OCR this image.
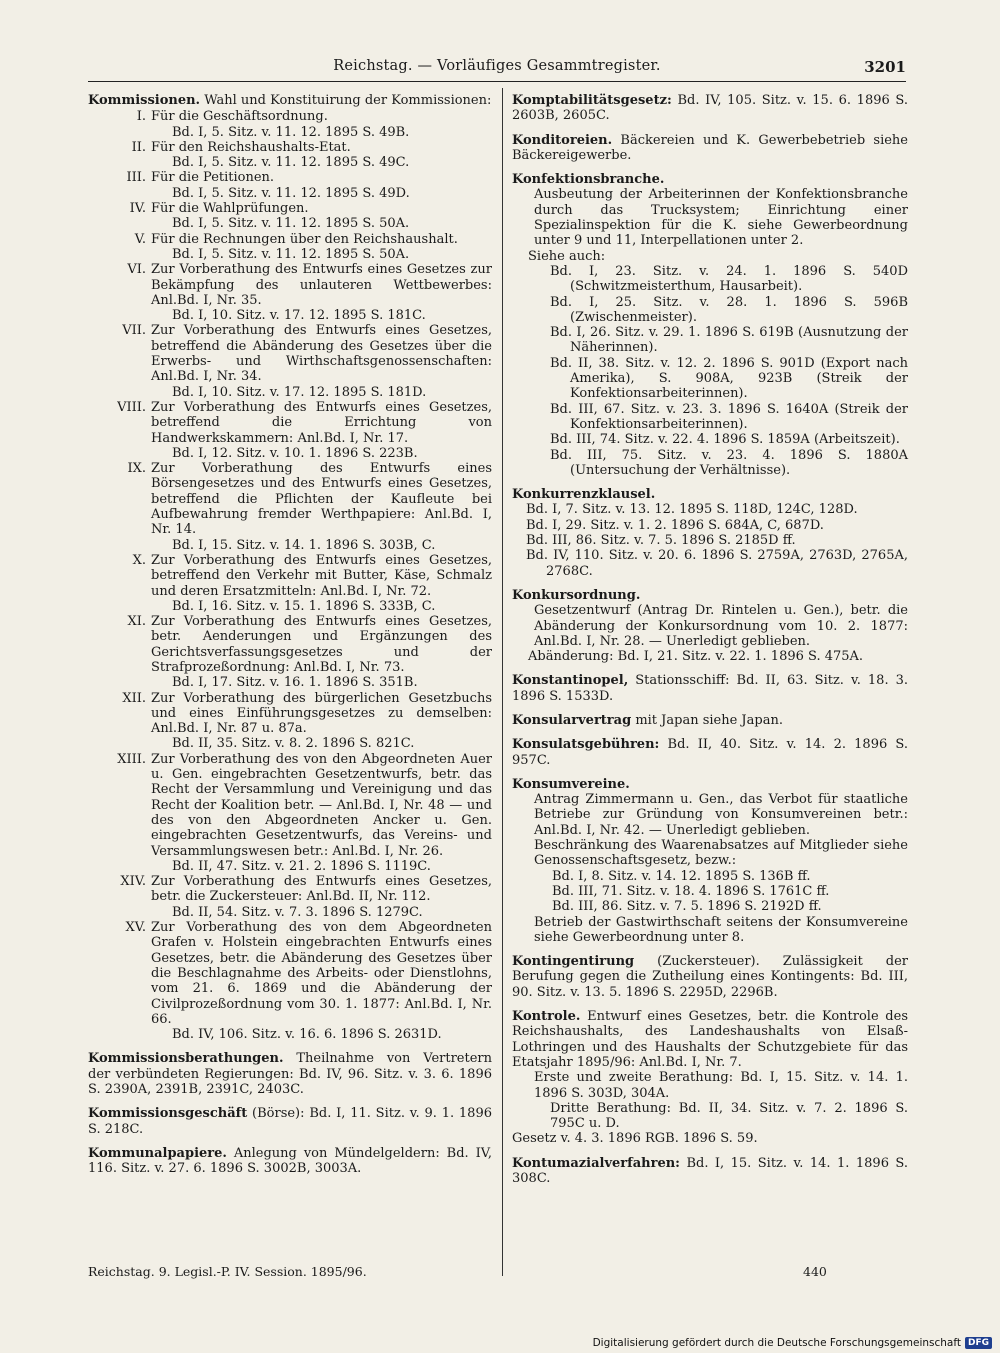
Reichstag. — Vorläufiges Gesammtregister.	3201
Kommissionen. Wahl und Konstituirung der Kommissionen:
I. Für die Geschäftsordnung.
Bd. I, 5. Sitz. v. 11. 12. 1895 S. 49B.
II. Für den Reichshaushalts-Etat.
Bd. I, 5. Sitz. v. 11. 12. 1895 S. 49C.
III. Für die Petitionen.
Bd. I, 5. Sitz. v. 11. 12. 1895 S. 49D.
IV. Für die Wahlprüfungen.
Bd. I, 5. Sitz. v. 11. 12. 1895 S. 50A.
V. Für die Rechnungen über den Reichshaushalt.
Bd. I, 5. Sitz. v. 11. 12. 1895 S. 50A.
VI. Zur Vorberathung des Entwurfs eines Gesetzes zur Bekämpfung des unlauteren Wettbewerbes: Anl.Bd. I, Nr. 35.
Bd. I, 10. Sitz. v. 17. 12. 1895 S. 181C.
VII. Zur Vorberathung des Entwurfs eines Gesetzes, betreffend die Abänderung des Gesetzes über die Erwerbs- und Wirthschaftsgenossenschaften: Anl.Bd. I, Nr. 34.
Bd. I, 10. Sitz. v. 17. 12. 1895 S. 181D.
VIII. Zur Vorberathung des Entwurfs eines Gesetzes, betreffend die Errichtung von Handwerkskammern: Anl.Bd. I, Nr. 17.
Bd. I, 12. Sitz. v. 10. 1. 1896 S. 223B.
IX. Zur Vorberathung des Entwurfs eines Börsengesetzes und des Entwurfs eines Gesetzes, betreffend die Pflichten der Kaufleute bei Aufbewahrung fremder Werthpapiere: Anl.Bd. I, Nr. 14.
Bd. I, 15. Sitz. v. 14. 1. 1896 S. 303B, C.
X. Zur Vorberathung des Entwurfs eines Gesetzes, betreffend den Verkehr mit Butter, Käse, Schmalz und deren Ersatzmitteln: Anl.Bd. I, Nr. 72.
Bd. I, 16. Sitz. v. 15. 1. 1896 S. 333B, C.
XI. Zur Vorberathung des Entwurfs eines Gesetzes, betr. Aenderungen und Ergänzungen des Gerichtsverfassungsgesetzes und der Strafprozeßordnung: Anl.Bd. I, Nr. 73.
Bd. I, 17. Sitz. v. 16. 1. 1896 S. 351B.
XII. Zur Vorberathung des bürgerlichen Gesetzbuchs und eines Einführungsgesetzes zu demselben: Anl.Bd. I, Nr. 87 u. 87a.
Bd. II, 35. Sitz. v. 8. 2. 1896 S. 821C.
XIII. Zur Vorberathung des von den Abgeordneten Auer u. Gen. eingebrachten Gesetzentwurfs, betr. das Recht der Versammlung und Vereinigung und das Recht der Koalition betr. — Anl.Bd. I, Nr. 48 — und des von den Abgeordneten Ancker u. Gen. eingebrachten Gesetzentwurfs, das Vereins- und Versammlungswesen betr.: Anl.Bd. I, Nr. 26.
Bd. II, 47. Sitz. v. 21. 2. 1896 S. 1119C.
XIV. Zur Vorberathung des Entwurfs eines Gesetzes, betr. die Zuckersteuer: Anl.Bd. II, Nr. 112.
Bd. II, 54. Sitz. v. 7. 3. 1896 S. 1279C.
XV. Zur Vorberathung des von dem Abgeordneten Grafen v. Holstein eingebrachten Entwurfs eines Gesetzes, betr. die Abänderung des Gesetzes über die Beschlagnahme des Arbeits- oder Dienstlohns, vom 21. 6. 1869 und die Abänderung der Civilprozeßordnung vom 30. 1. 1877: Anl.Bd. I, Nr. 66.
Bd. IV, 106. Sitz. v. 16. 6. 1896 S. 2631D.
Kommissionsberathungen. Theilnahme von Vertretern der verbündeten Regierungen: Bd. IV, 96. Sitz. v. 3. 6. 1896 S. 2390A, 2391B, 2391C, 2403C.
Kommissionsgeschäft (Börse): Bd. I, 11. Sitz. v. 9. 1. 1896 S. 218C.
Kommunalpapiere. Anlegung von Mündelgeldern: Bd. IV, 116. Sitz. v. 27. 6. 1896 S. 3002B, 3003A.
Komptabilitätsgesetz: Bd. IV, 105. Sitz. v. 15. 6. 1896 S. 2603B, 2605C.
Konditoreien. Bäckereien und K. Gewerbebetrieb siehe Bäckereigewerbe.
Konfektionsbranche.
Ausbeutung der Arbeiterinnen der Konfektionsbranche durch das Trucksystem; Einrichtung einer Spezialinspektion für die K. siehe Gewerbeordnung unter 9 und 11, Interpellationen unter 2.
Siehe auch:
Bd. I, 23. Sitz. v. 24. 1. 1896 S. 540D (Schwitzmeisterthum, Hausarbeit).
Bd. I, 25. Sitz. v. 28. 1. 1896 S. 596B (Zwischenmeister).
Bd. I, 26. Sitz. v. 29. 1. 1896 S. 619B (Ausnutzung der Näherinnen).
Bd. II, 38. Sitz. v. 12. 2. 1896 S. 901D (Export nach Amerika), S. 908A, 923B (Streik der Konfektionsarbeiterinnen).
Bd. III, 67. Sitz. v. 23. 3. 1896 S. 1640A (Streik der Konfektionsarbeiterinnen).
Bd. III, 74. Sitz. v. 22. 4. 1896 S. 1859A (Arbeitszeit).
Bd. III, 75. Sitz. v. 23. 4. 1896 S. 1880A (Untersuchung der Verhältnisse).
Konkurrenzklausel.
Bd. I, 7. Sitz. v. 13. 12. 1895 S. 118D, 124C, 128D.
Bd. I, 29. Sitz. v. 1. 2. 1896 S. 684A, C, 687D.
Bd. III, 86. Sitz. v. 7. 5. 1896 S. 2185D ff.
Bd. IV, 110. Sitz. v. 20. 6. 1896 S. 2759A, 2763D, 2765A, 2768C.
Konkursordnung.
Gesetzentwurf (Antrag Dr. Rintelen u. Gen.), betr. die Abänderung der Konkursordnung vom 10. 2. 1877: Anl.Bd. I, Nr. 28. — Unerledigt geblieben.
Abänderung: Bd. I, 21. Sitz. v. 22. 1. 1896 S. 475A.
Konstantinopel, Stationsschiff: Bd. II, 63. Sitz. v. 18. 3. 1896 S. 1533D.
Konsularvertrag mit Japan siehe Japan.
Konsulatsgebühren: Bd. II, 40. Sitz. v. 14. 2. 1896 S. 957C.
Konsumvereine.
Antrag Zimmermann u. Gen., das Verbot für staatliche Betriebe zur Gründung von Konsumvereinen betr.: Anl.Bd. I, Nr. 42. — Unerledigt geblieben.
Beschränkung des Waarenabsatzes auf Mitglieder siehe Genossenschaftsgesetz, bezw.:
Bd. I, 8. Sitz. v. 14. 12. 1895 S. 136B ff.
Bd. III, 71. Sitz. v. 18. 4. 1896 S. 1761C ff.
Bd. III, 86. Sitz. v. 7. 5. 1896 S. 2192D ff.
Betrieb der Gastwirthschaft seitens der Konsumvereine siehe Gewerbeordnung unter 8.
Kontingentirung (Zuckersteuer). Zulässigkeit der Berufung gegen die Zutheilung eines Kontingents: Bd. III, 90. Sitz. v. 13. 5. 1896 S. 2295D, 2296B.
Kontrole. Entwurf eines Gesetzes, betr. die Kontrole des Reichshaushalts, des Landeshaushalts von Elsaß-Lothringen und des Haushalts der Schutzgebiete für das Etatsjahr 1895/96: Anl.Bd. I, Nr. 7.
Erste und zweite Berathung: Bd. I, 15. Sitz. v. 14. 1. 1896 S. 303D, 304A.
Dritte Berathung: Bd. II, 34. Sitz. v. 7. 2. 1896 S. 795C u. D.
Gesetz v. 4. 3. 1896 RGB. 1896 S. 59.
Kontumazialverfahren: Bd. I, 15. Sitz. v. 14. 1. 1896 S. 308C.
Reichstag. 9. Legisl.-P. IV. Session. 1895/96.	440
Digitalisierung gefördert durch die Deutsche Forschungsgemeinschaft DFG
